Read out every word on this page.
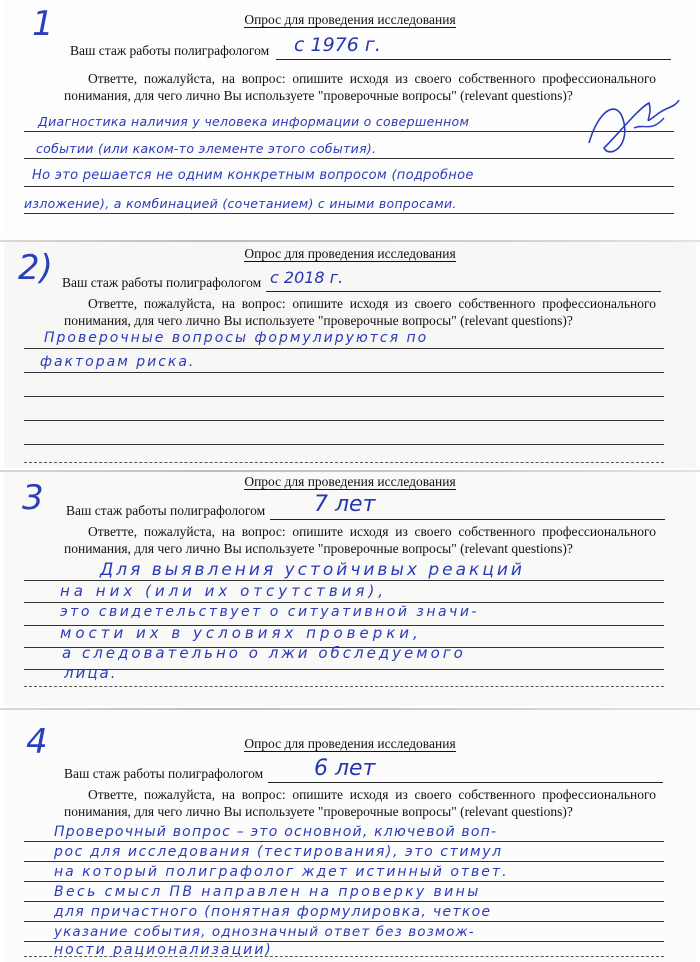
1	Опрос для проведения исследования
Ваш стаж работы полиграфологом с 1976 г.
Ответте, пожалуйста, на вопрос: опишите исходя из своего собственного профессионального понимания, для чего лично Вы используете "проверочные вопросы" (relevant questions)?
Диагностика наличия у человека информации о совершенном
событии (или каком-то элементе этого события).
Но это решается не одним конкретным вопросом (подробное
изложение), а комбинацией (сочетанием) с иными вопросами.
2)	Опрос для проведения исследования
Ваш стаж работы полиграфологом с 2018 г.
Ответте, пожалуйста, на вопрос: опишите исходя из своего собственного профессионального понимания, для чего лично Вы используете "проверочные вопросы" (relevant questions)?
Проверочные вопросы формулируются по
факторам риска.
3	Опрос для проведения исследования
Ваш стаж работы полиграфологом 7 лет
Ответте, пожалуйста, на вопрос: опишите исходя из своего собственного профессионального понимания, для чего лично Вы используете "проверочные вопросы" (relevant questions)?
Для выявления устойчивых реакций
на них (или их отсутствия),
это свидетельствует о ситуативной значи-
мости их в условиях проверки,
а следовательно о лжи обследуемого
лица.
4	Опрос для проведения исследования
Ваш стаж работы полиграфологом 6 лет
Ответте, пожалуйста, на вопрос: опишите исходя из своего собственного профессионального понимания, для чего лично Вы используете "проверочные вопросы" (relevant questions)?
Проверочный вопрос – это основной, ключевой воп-
рос для исследования (тестирования), это стимул
на который полиграфолог ждет истинный ответ.
Весь смысл ПВ направлен на проверку вины
для причастного (понятная формулировка, четкое
указание события, однозначный ответ без возмож-
ности рационализации)
